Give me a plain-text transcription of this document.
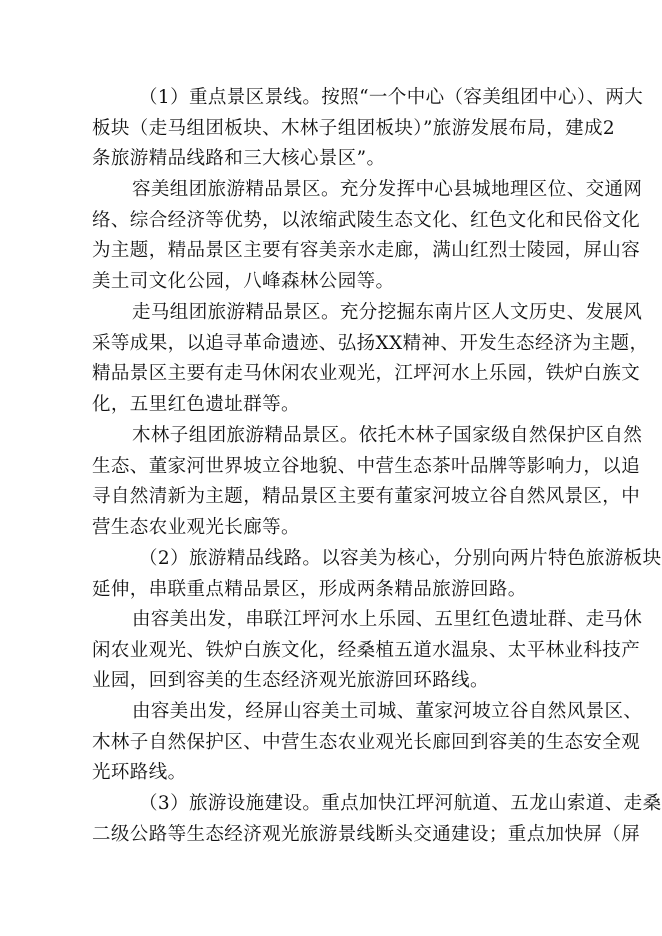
（1）重点景区景线。按照“一个中心（容美组团中心）、两大
板块（走马组团板块、木林子组团板块）”旅游发展布局，建成2
条旅游精品线路和三大核心景区”。

容美组团旅游精品景区。充分发挥中心县城地理区位、交通网
络、综合经济等优势，以浓缩武陵生态文化、红色文化和民俗文化
为主题，精品景区主要有容美亲水走廊，满山红烈士陵园，屏山容
美土司文化公园，八峰森林公园等。

走马组团旅游精品景区。充分挖掘东南片区人文历史、发展风
采等成果，以追寻革命遗迹、弘扬XX精神、开发生态经济为主题，
精品景区主要有走马休闲农业观光，江坪河水上乐园，铁炉白族文
化，五里红色遗址群等。

木林子组团旅游精品景区。依托木林子国家级自然保护区自然
生态、董家河世界坡立谷地貌、中营生态茶叶品牌等影响力，以追
寻自然清新为主题，精品景区主要有董家河坡立谷自然风景区，中
营生态农业观光长廊等。

（2）旅游精品线路。以容美为核心，分别向两片特色旅游板块
延伸，串联重点精品景区，形成两条精品旅游回路。

由容美出发，串联江坪河水上乐园、五里红色遗址群、走马休
闲农业观光、铁炉白族文化，经桑植五道水温泉、太平林业科技产
业园，回到容美的生态经济观光旅游回环路线。

由容美出发，经屏山容美土司城、董家河坡立谷自然风景区、
木林子自然保护区、中营生态农业观光长廊回到容美的生态安全观
光环路线。

（3）旅游设施建设。重点加快江坪河航道、五龙山索道、走桑
二级公路等生态经济观光旅游景线断头交通建设；重点加快屏（屏
